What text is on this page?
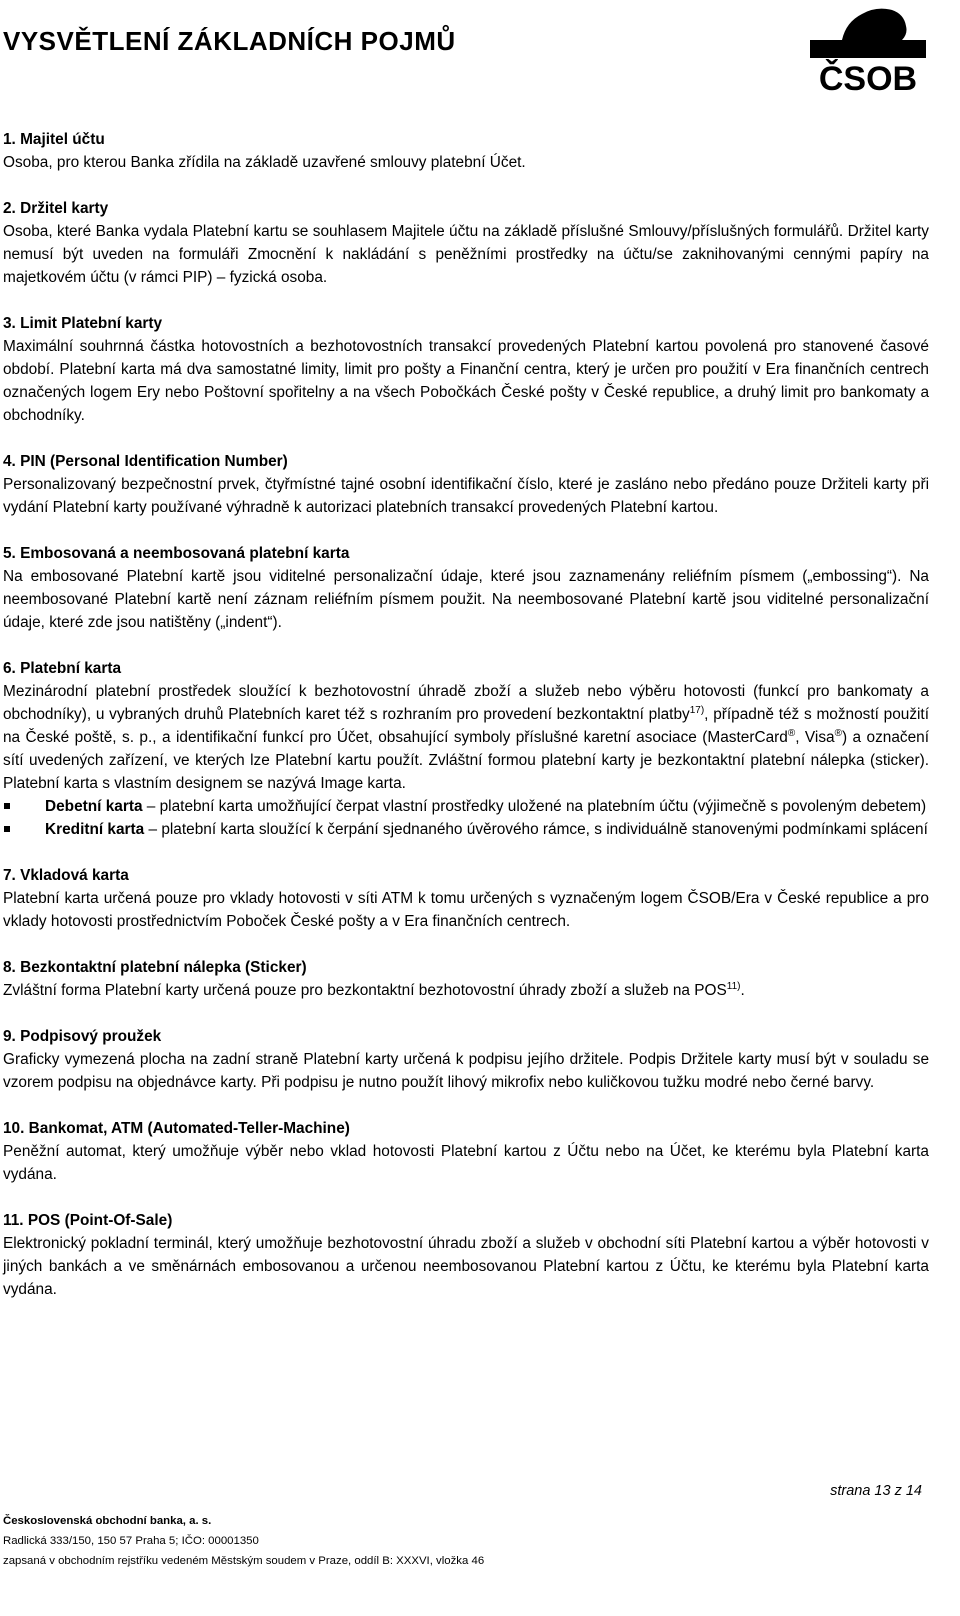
VYSVĚTLENÍ ZÁKLADNÍCH POJMŮ
ČSOB
1. Majitel účtu

Osoba, pro kterou Banka zřídila na základě uzavřené smlouvy platební Účet.

2. Držitel karty

Osoba, které Banka vydala Platební kartu se souhlasem Majitele účtu na základě příslušné Smlouvy/příslušných formulářů. Držitel karty nemusí být uveden na formuláři Zmocnění k nakládání s peněžními prostředky na účtu/se zaknihovanými cennými papíry na majetkovém účtu (v rámci PIP) – fyzická osoba.

3. Limit Platební karty

Maximální souhrnná částka hotovostních a bezhotovostních transakcí provedených Platební kartou povolená pro stanovené časové období. Platební karta má dva samostatné limity, limit pro pošty a Finanční centra, který je určen pro použití v Era finančních centrech označených logem Ery nebo Poštovní spořitelny a na všech Pobočkách České pošty v České republice, a druhý limit pro bankomaty a obchodníky.

4. PIN (Personal Identification Number)

Personalizovaný bezpečnostní prvek, čtyřmístné tajné osobní identifikační číslo, které je zasláno nebo předáno pouze Držiteli karty při vydání Platební karty používané výhradně k autorizaci platebních transakcí provedených Platební kartou.

5. Embosovaná a neembosovaná platební karta

Na embosované Platební kartě jsou viditelné personalizační údaje, které jsou zaznamenány reliéfním písmem („embossing“). Na neembosované Platební kartě není záznam reliéfním písmem použit. Na neembosované Platební kartě jsou viditelné personalizační údaje, které zde jsou natištěny („indent“).

6. Platební karta

Mezinárodní platební prostředek sloužící k bezhotovostní úhradě zboží a služeb nebo výběru hotovosti (funkcí pro bankomaty a obchodníky), u vybraných druhů Platebních karet též s rozhraním pro provedení bezkontaktní platby$^{17)}$, případně též s možností použití na České poště, s. p., a identifikační funkcí pro Účet, obsahující symboly příslušné karetní asociace (MasterCard®, Visa®) a označení sítí uvedených zařízení, ve kterých lze Platební kartu použít. Zvláštní formou platební karty je bezkontaktní platební nálepka (sticker). Platební karta s vlastním designem se nazývá Image karta.

Debetní karta – platební karta umožňující čerpat vlastní prostředky uložené na platebním účtu (výjimečně s povoleným debetem)
Kreditní karta – platební karta sloužící k čerpání sjednaného úvěrového rámce, s individuálně stanovenými podmínkami splácení
7. Vkladová karta

Platební karta určená pouze pro vklady hotovosti v síti ATM k tomu určených s vyznačeným logem ČSOB/Era v České republice a pro vklady hotovosti prostřednictvím Poboček České pošty a v Era finančních centrech.

8. Bezkontaktní platební nálepka (Sticker)

Zvláštní forma Platební karty určená pouze pro bezkontaktní bezhotovostní úhrady zboží a služeb na POS$^{11)}$.

9. Podpisový proužek

Graficky vymezená plocha na zadní straně Platební karty určená k podpisu jejího držitele. Podpis Držitele karty musí být v souladu se vzorem podpisu na objednávce karty. Při podpisu je nutno použít lihový mikrofix nebo kuličkovou tužku modré nebo černé barvy.

10. Bankomat, ATM (Automated-Teller-Machine)

Peněžní automat, který umožňuje výběr nebo vklad hotovosti Platební kartou z Účtu nebo na Účet, ke kterému byla Platební karta vydána.

11. POS (Point-Of-Sale)

Elektronický pokladní terminál, který umožňuje bezhotovostní úhradu zboží a služeb v obchodní síti Platební kartou a výběr hotovosti v jiných bankách a ve směnárnách embosovanou a určenou neembosovanou Platební kartou z Účtu, ke kterému byla Platební karta vydána.

strana 13 z 14
Československá obchodní banka, a. s.
Radlická 333/150, 150 57 Praha 5; IČO: 00001350
zapsaná v obchodním rejstříku vedeném Městským soudem v Praze, oddíl B: XXXVI, vložka 46
